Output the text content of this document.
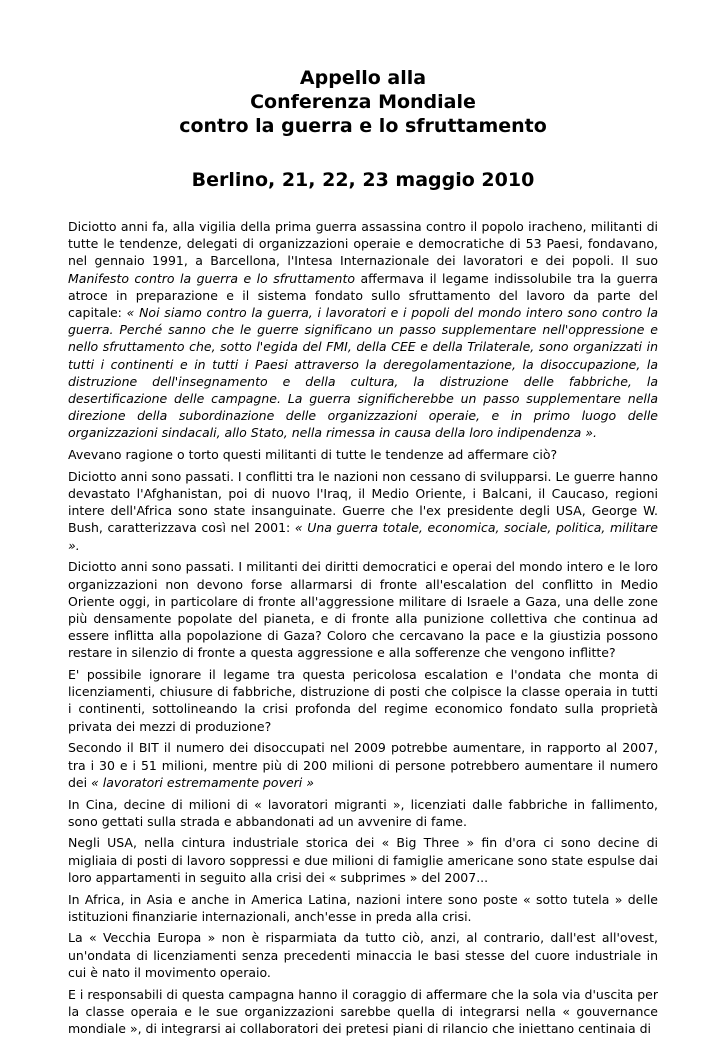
Appello alla
Conferenza Mondiale
contro la guerra e lo sfruttamento
Berlino, 21, 22, 23 maggio 2010

Diciotto anni fa, alla vigilia della prima guerra assassina contro il popolo iracheno, militanti di tutte le tendenze, delegati di organizzazioni operaie e democratiche di 53 Paesi, fondavano, nel gennaio 1991, a Barcellona, l'Intesa Internazionale dei lavoratori e dei popoli. Il suo Manifesto contro la guerra e lo sfruttamento affermava il legame indissolubile tra la guerra atroce in preparazione e il sistema fondato sullo sfruttamento del lavoro da parte del capitale: « Noi siamo contro la guerra, i lavoratori e i popoli del mondo intero sono contro la guerra. Perché sanno che le guerre significano un passo supplementare nell'oppressione e nello sfruttamento che, sotto l'egida del FMI, della CEE e della Trilaterale, sono organizzati in tutti i continenti e in tutti i Paesi attraverso la deregolamentazione, la disoccupazione, la distruzione dell'insegnamento e della cultura, la distruzione delle fabbriche, la desertificazione delle campagne. La guerra significherebbe un passo supplementare nella direzione della subordinazione delle organizzazioni operaie, e in primo luogo delle organizzazioni sindacali, allo Stato, nella rimessa in causa della loro indipendenza ».

Avevano ragione o torto questi militanti di tutte le tendenze ad affermare ciò?

Diciotto anni sono passati. I conflitti tra le nazioni non cessano di svilupparsi. Le guerre hanno devastato l'Afghanistan, poi di nuovo l'Iraq, il Medio Oriente, i Balcani, il Caucaso, regioni intere dell'Africa sono state insanguinate. Guerre che l'ex presidente degli USA, George W. Bush, caratterizzava così nel 2001: « Una guerra totale, economica, sociale, politica, militare ».

Diciotto anni sono passati. I militanti dei diritti democratici e operai del mondo intero e le loro organizzazioni non devono forse allarmarsi di fronte all'escalation del conflitto in Medio Oriente oggi, in particolare di fronte all'aggressione militare di Israele a Gaza, una delle zone più densamente popolate del pianeta, e di fronte alla punizione collettiva che continua ad essere inflitta alla popolazione di Gaza? Coloro che cercavano la pace e la giustizia possono restare in silenzio di fronte a questa aggressione e alla sofferenze che vengono inflitte?

E' possibile ignorare il legame tra questa pericolosa escalation e l'ondata che monta di licenziamenti, chiusure di fabbriche, distruzione di posti che colpisce la classe operaia in tutti i continenti, sottolineando la crisi profonda del regime economico fondato sulla proprietà privata dei mezzi di produzione?

Secondo il BIT il numero dei disoccupati nel 2009 potrebbe aumentare, in rapporto al 2007, tra i 30 e i 51 milioni, mentre più di 200 milioni di persone potrebbero aumentare il numero dei « lavoratori estremamente poveri »

In Cina, decine di milioni di « lavoratori migranti », licenziati dalle fabbriche in fallimento, sono gettati sulla strada e abbandonati ad un avvenire di fame.

Negli USA, nella cintura industriale storica dei « Big Three » fin d'ora ci sono decine di migliaia di posti di lavoro soppressi e due milioni di famiglie americane sono state espulse dai loro appartamenti in seguito alla crisi dei « subprimes » del 2007...

In Africa, in Asia e anche in America Latina, nazioni intere sono poste « sotto tutela » delle istituzioni finanziarie internazionali, anch'esse in preda alla crisi.

La « Vecchia Europa » non è risparmiata da tutto ciò, anzi, al contrario, dall'est all'ovest, un'ondata di licenziamenti senza precedenti minaccia le basi stesse del cuore industriale in cui è nato il movimento operaio.

E i responsabili di questa campagna hanno il coraggio di affermare che la sola via d'uscita per la classe operaia e le sue organizzazioni sarebbe quella di integrarsi nella « gouvernance mondiale », di integrarsi ai collaboratori dei pretesi piani di rilancio che iniettano centinaia di
